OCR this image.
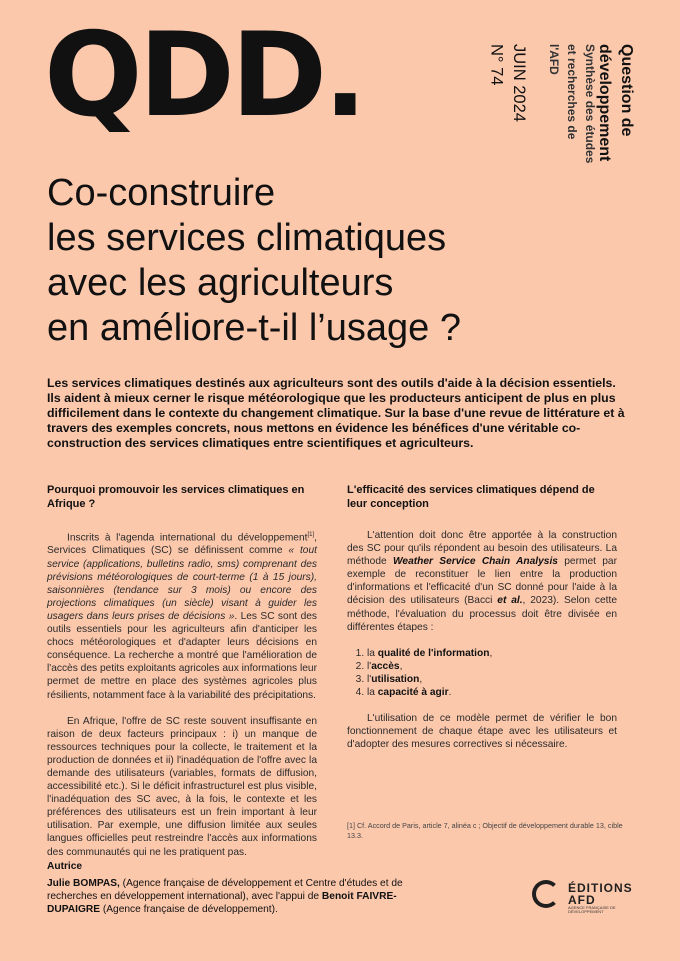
QDD.	Question de
développement
Synthèse des études
et recherches de
l'AFD
JUIN 2024
N° 74
Co-construire
les services climatiques
avec les agriculteurs
en améliore-t-il l’usage ?
Les services climatiques destinés aux agriculteurs sont des outils d'aide à la décision essentiels. Ils aident à mieux cerner le risque météorologique que les producteurs anticipent de plus en plus difficilement dans le contexte du changement climatique. Sur la base d'une revue de littérature et à travers des exemples concrets, nous mettons en évidence les bénéfices d'une véritable co-construction des services climatiques entre scientifiques et agriculteurs.
Pourquoi promouvoir les services climatiques en Afrique ?

Inscrits à l'agenda international du développement[1], Services Climatiques (SC) se définissent comme « tout service (applications, bulletins radio, sms) comprenant des prévisions météorologiques de court-terme (1 à 15 jours), saisonnières (tendance sur 3 mois) ou encore des projections climatiques (un siècle) visant à guider les usagers dans leurs prises de décisions ». Les SC sont des outils essentiels pour les agriculteurs afin d'anticiper les chocs météorologiques et d'adapter leurs décisions en conséquence. La recherche a montré que l'amélioration de l'accès des petits exploitants agricoles aux informations leur permet de mettre en place des systèmes agricoles plus résilients, notamment face à la variabilité des précipitations.

En Afrique, l'offre de SC reste souvent insuffisante en raison de deux facteurs principaux : i) un manque de ressources techniques pour la collecte, le traitement et la production de données et ii) l'inadéquation de l'offre avec la demande des utilisateurs (variables, formats de diffusion, accessibilité etc.). Si le déficit infrastructurel est plus visible, l'inadéquation des SC avec, à la fois, le contexte et les préférences des utilisateurs est un frein important à leur utilisation. Par exemple, une diffusion limitée aux seules langues officielles peut restreindre l'accès aux informations des communautés qui ne les pratiquent pas.

L'efficacité des services climatiques dépend de leur conception

L'attention doit donc être apportée à la construction des SC pour qu'ils répondent au besoin des utilisateurs. La méthode Weather Service Chain Analysis permet par exemple de reconstituer le lien entre la production d'informations et l'efficacité d'un SC donné pour l'aide à la décision des utilisateurs (Bacci et al., 2023). Selon cette méthode, l'évaluation du processus doit être divisée en différentes étapes :

1. la qualité de l'information,
2. l'accès,
3. l'utilisation,
4. la capacité à agir.

L'utilisation de ce modèle permet de vérifier le bon fonctionnement de chaque étape avec les utilisateurs et d'adopter des mesures correctives si nécessaire.

[1] Cf. Accord de Paris, article 7, alinéa c ; Objectif de développement durable 13, cible 13.3.
Autrice
Julie BOMPAS, (Agence française de développement et Centre d'études et de recherches en développement international), avec l'appui de Benoit FAIVRE-DUPAIGRE (Agence française de développement).
ÉDITIONS
AFD
AGENCE FRANÇAISE DE DÉVELOPPEMENT
